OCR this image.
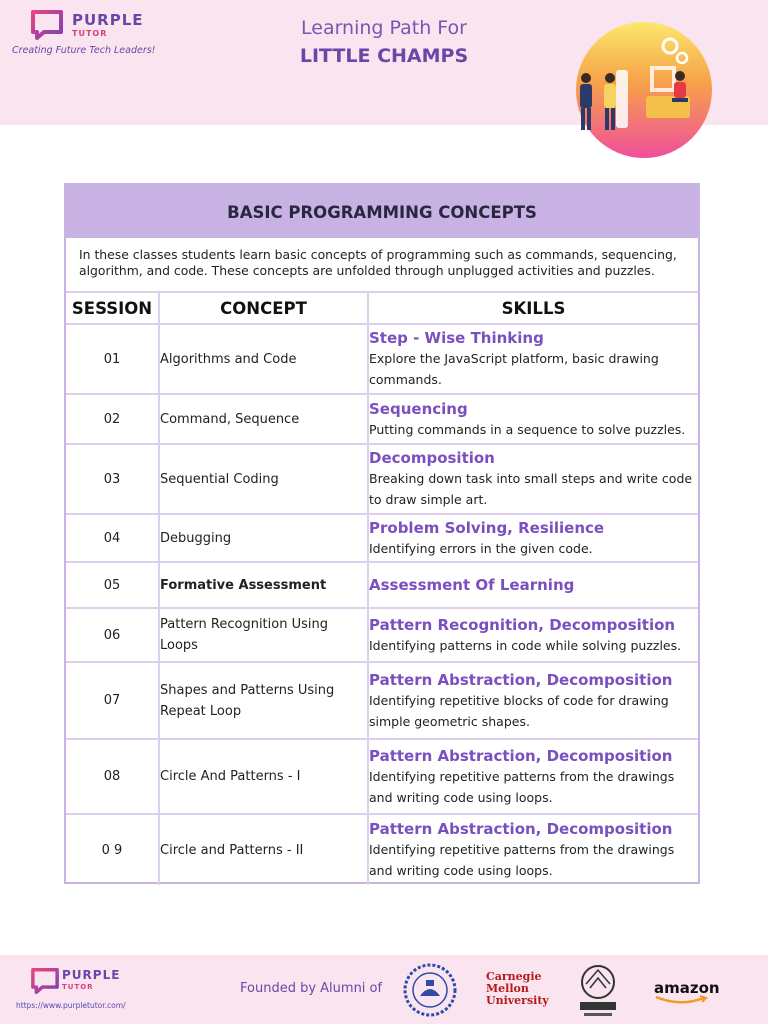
PURPLE
TUTOR
Creating Future Tech Leaders!
Learning Path For
LITTLE CHAMPS
BASIC PROGRAMMING CONCEPTS
In these classes students learn basic concepts of programming such as commands, sequencing, algorithm, and code. These concepts are unfolded through unplugged activities and puzzles.
SESSION	CONCEPT	SKILLS
01	Algorithms and Code	Step - Wise Thinking
Explore the JavaScript platform, basic drawing commands.

02	Command, Sequence	Sequencing
Putting commands in a sequence to solve puzzles.

03	Sequential Coding	Decomposition
Breaking down task into small steps and write code to draw simple art.

04	Debugging	Problem Solving, Resilience
Identifying errors in the given code.

05	Formative Assessment	Assessment Of Learning

06	Pattern Recognition Using Loops	Pattern Recognition, Decomposition
Identifying patterns in code while solving puzzles.

07	Shapes and Patterns Using Repeat Loop	Pattern Abstraction, Decomposition
Identifying repetitive blocks of code for drawing simple geometric shapes.

08	Circle And Patterns - I	Pattern Abstraction, Decomposition
Identifying repetitive patterns from the drawings and writing code using loops.

0 9	Circle and Patterns - II	Pattern Abstraction, Decomposition
Identifying repetitive patterns from the drawings and writing code using loops.
PURPLE
TUTOR
https://www.purpletutor.com/
Founded by Alumni of
Carnegie
Mellon
University
amazon
